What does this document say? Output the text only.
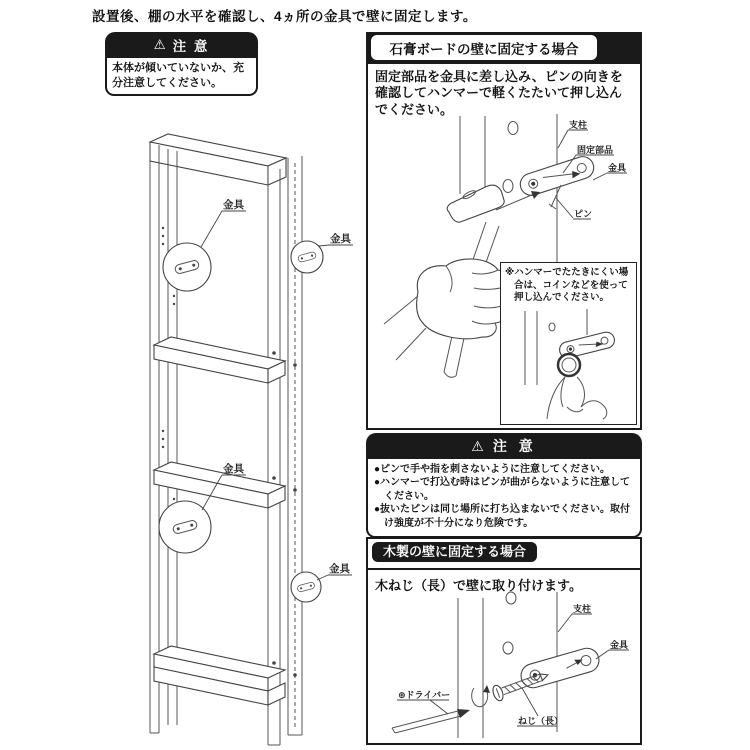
設置後、棚の水平を確認し、4ヵ所の金具で壁に固定します。
⚠ 注 意
本体が傾いていないか、充分注意してください。
金具
金具
金具
金具
石膏ボードの壁に固定する場合
固定部品を金具に差し込み、ピンの向きを確認してハンマーで軽くたたいて押し込んでください。
支柱
固定部品
金具
ピン
※ハンマーでたたきにくい場合は、コインなどを使って押し込んでください。
⚠ 注 意
●ピンで手や指を刺さないように注意してください。
●ハンマーで打込む時はピンが曲がらないように注意してください。
●抜いたピンは同じ場所に打ち込まないでください。取付け強度が不十分になり危険です。
木製の壁に固定する場合
木ねじ（長）で壁に取り付けます。
支柱
金具
⊕ドライバー
ねじ（長）
